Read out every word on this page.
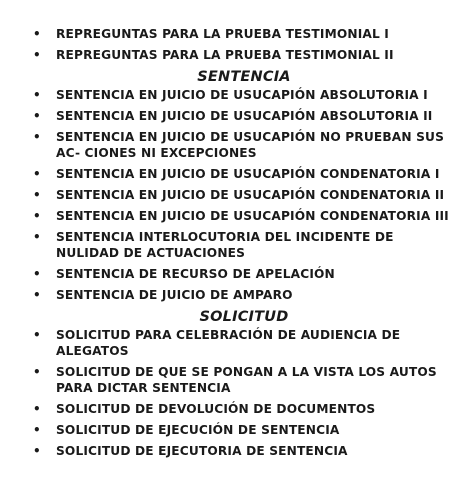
• REPREGUNTAS PARA LA PRUEBA TESTIMONIAL I
• REPREGUNTAS PARA LA PRUEBA TESTIMONIAL II
SENTENCIA
• SENTENCIA EN JUICIO DE USUCAPIÓN ABSOLUTORIA I
• SENTENCIA EN JUICIO DE USUCAPIÓN ABSOLUTORIA II
• SENTENCIA EN JUICIO DE USUCAPIÓN NO PRUEBAN SUS AC- CIONES NI EXCEPCIONES
• SENTENCIA EN JUICIO DE USUCAPIÓN CONDENATORIA I
• SENTENCIA EN JUICIO DE USUCAPIÓN CONDENATORIA II
• SENTENCIA EN JUICIO DE USUCAPIÓN CONDENATORIA III
• SENTENCIA INTERLOCUTORIA DEL INCIDENTE DE NULIDAD DE ACTUACIONES
• SENTENCIA DE RECURSO DE APELACIÓN
• SENTENCIA DE JUICIO DE AMPARO
SOLICITUD
• SOLICITUD PARA CELEBRACIÓN DE AUDIENCIA DE ALEGATOS
• SOLICITUD DE QUE SE PONGAN A LA VISTA LOS AUTOS PARA DICTAR SENTENCIA
• SOLICITUD DE DEVOLUCIÓN DE DOCUMENTOS
• SOLICITUD DE EJECUCIÓN DE SENTENCIA
• SOLICITUD DE EJECUTORIA DE SENTENCIA
